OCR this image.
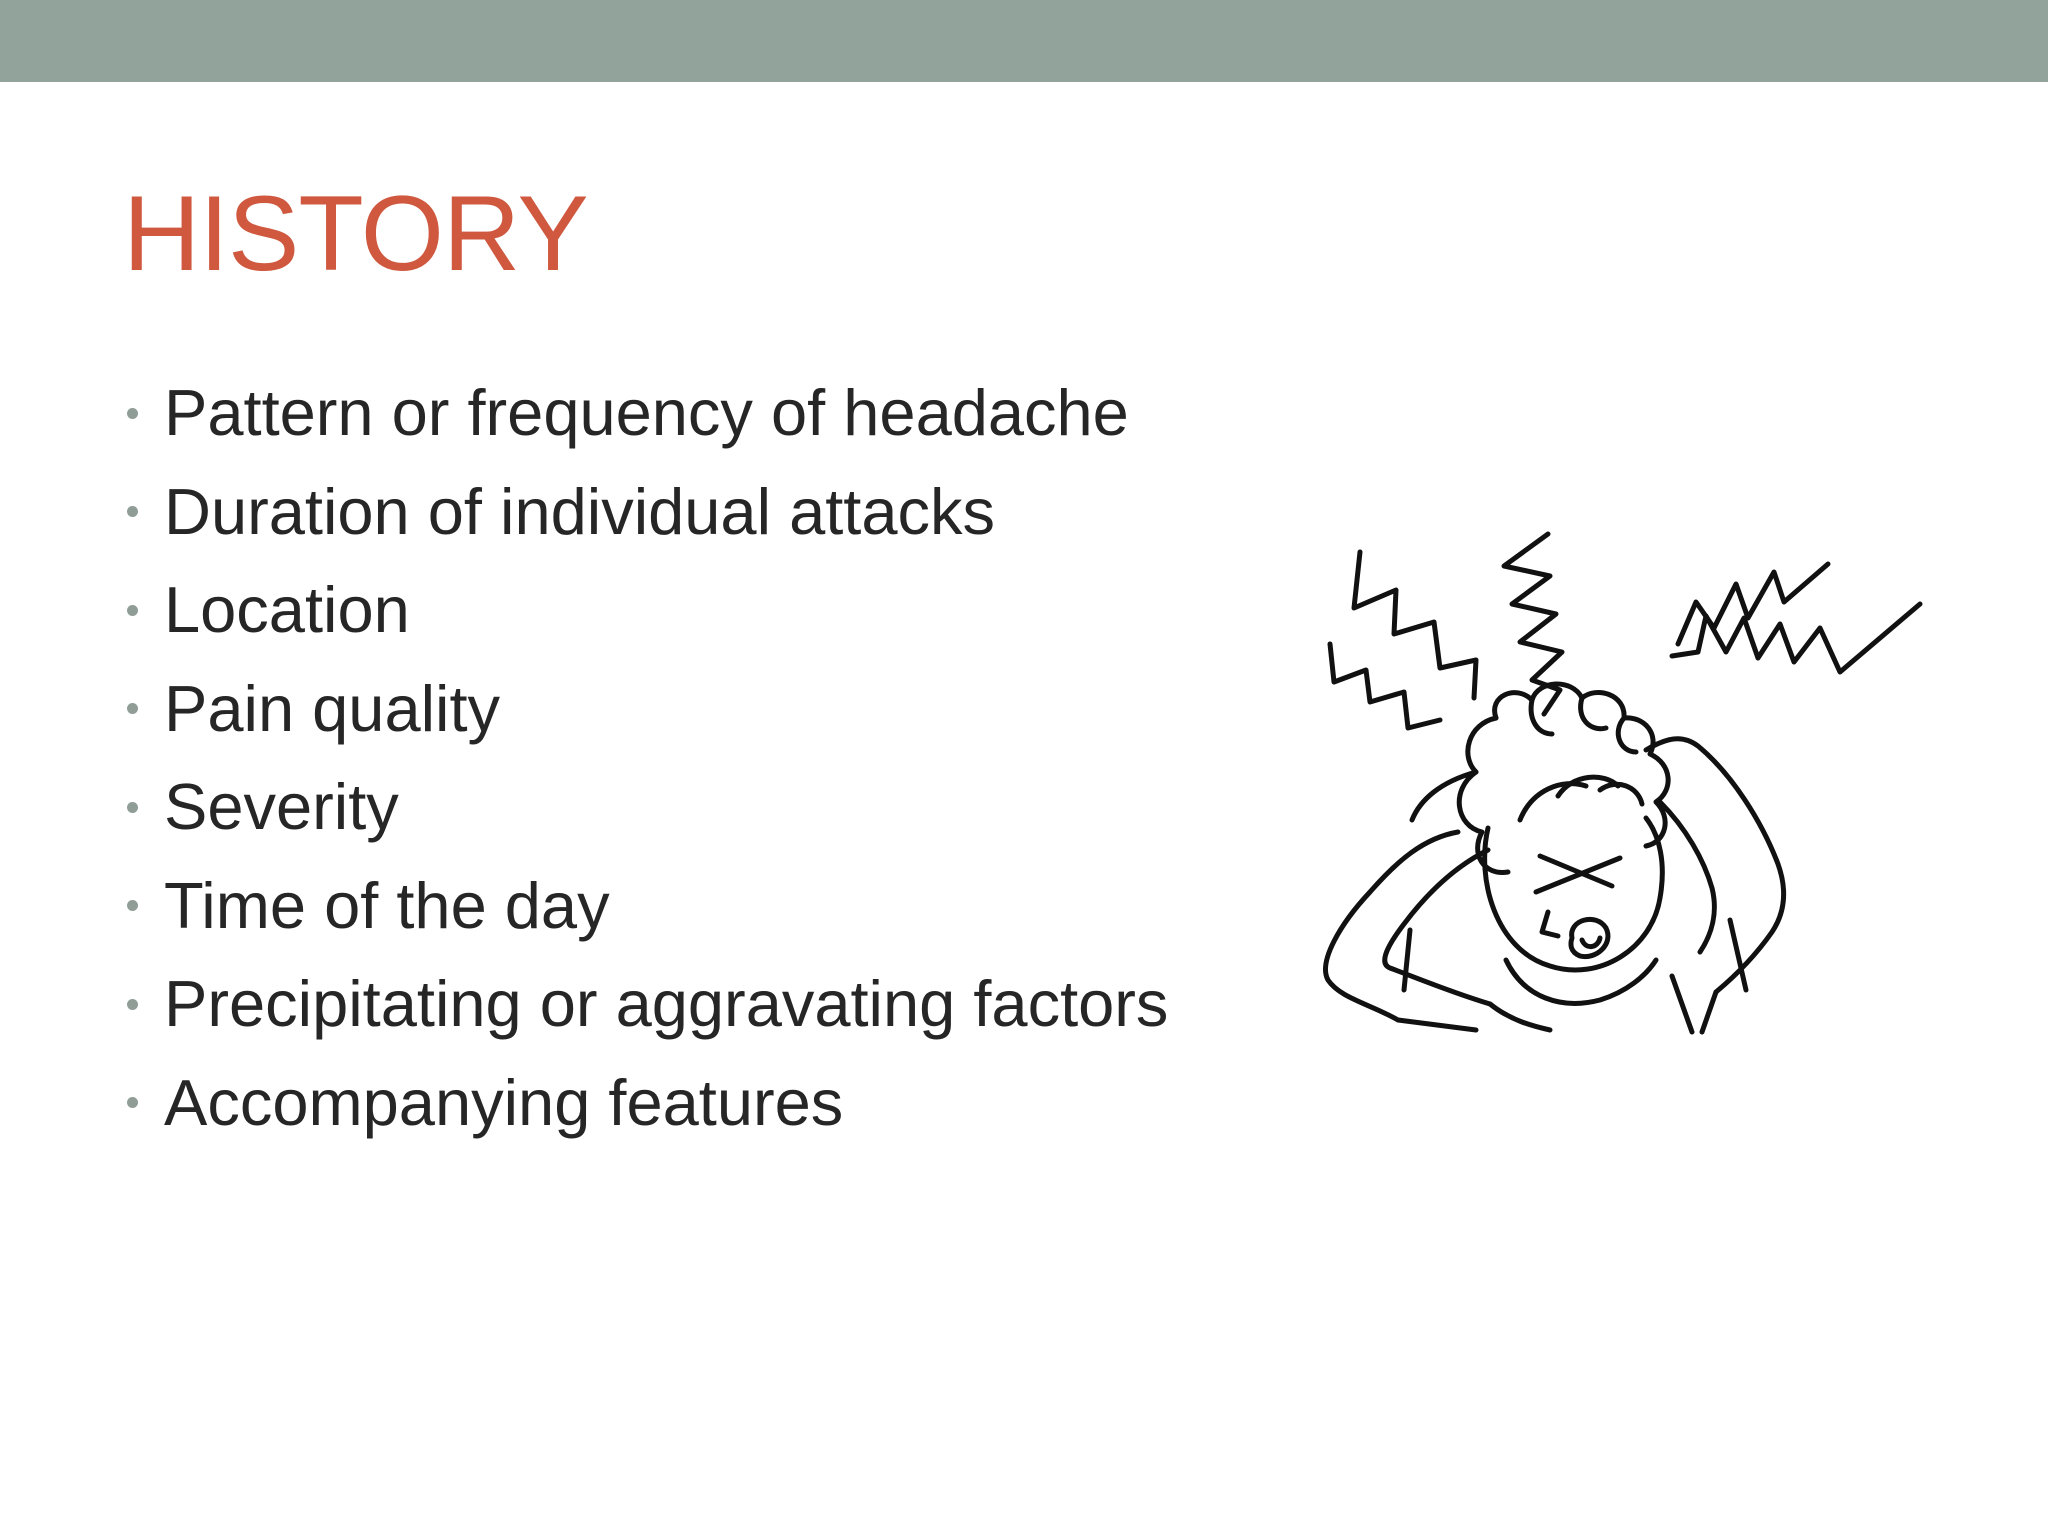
HISTORY
Pattern or frequency of headache
Duration of individual attacks
Location
Pain quality
Severity
Time of the day
Precipitating or aggravating factors
Accompanying features
